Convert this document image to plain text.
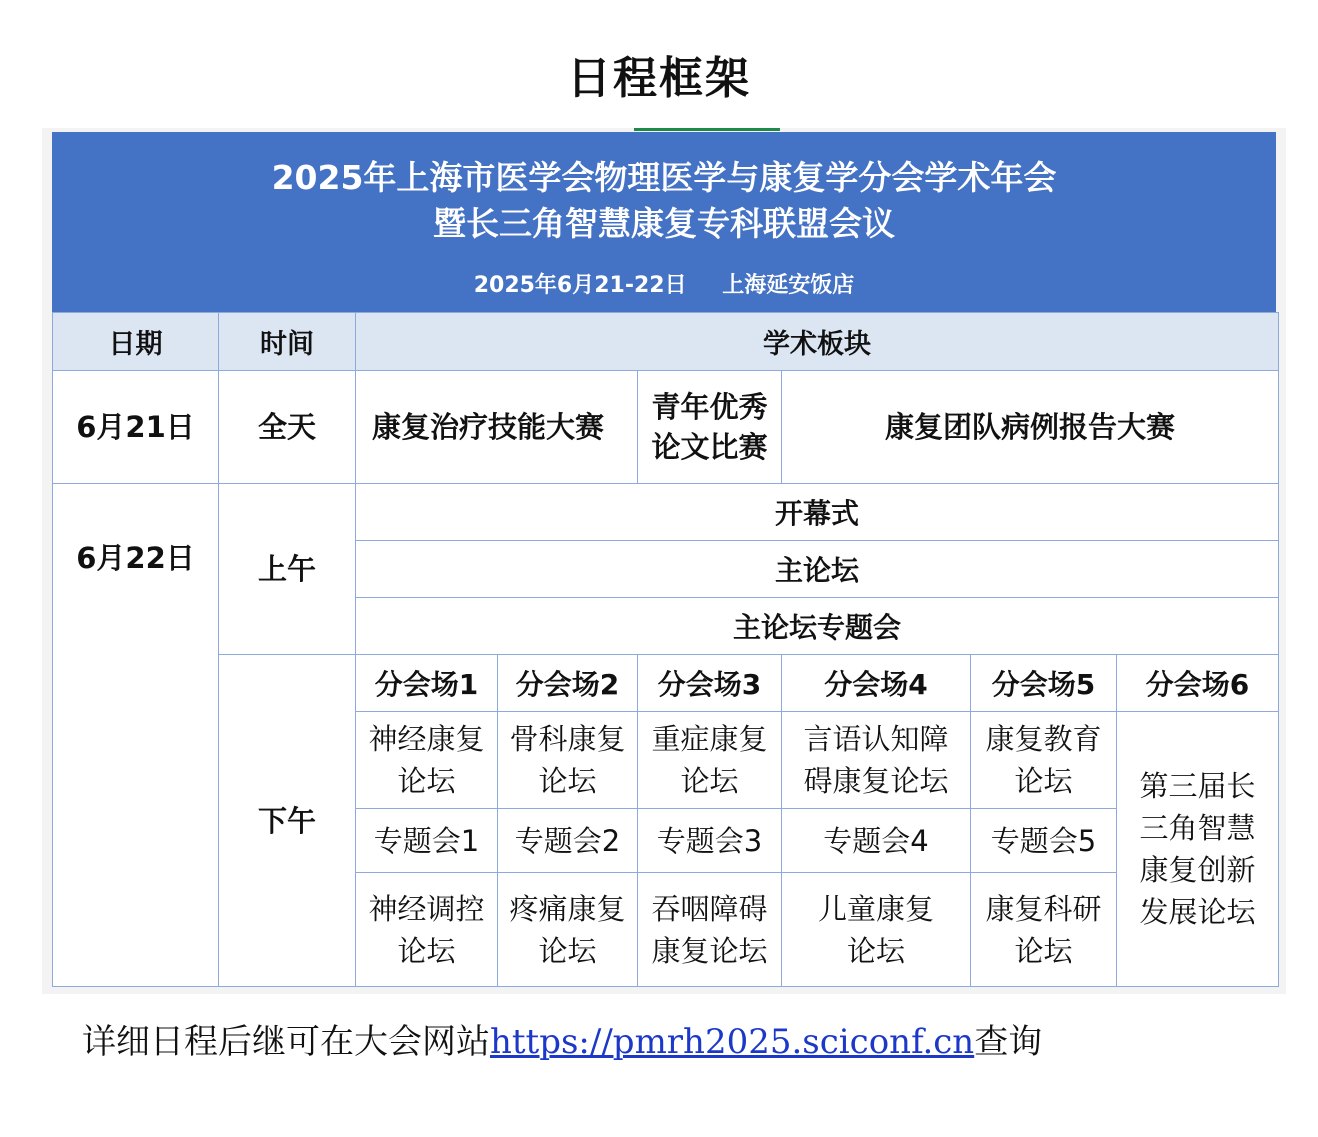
日程框架
2025年上海市医学会物理医学与康复学分会学术年会
暨长三角智慧康复专科联盟会议
2025年6月21-22日 上海延安饭店
日期	时间	学术板块					
6月21日	全天	康复治疗技能大赛		青年优秀论文比赛	康复团队病例报告大赛		
6月22日	上午	开幕式					
		主论坛					
		主论坛专题会					
	下午	分会场1	分会场2	分会场3	分会场4	分会场5	分会场6
		神经康复论坛	骨科康复论坛	重症康复论坛	言语认知障碍康复论坛	康复教育论坛	第三届长三角智慧康复创新发展论坛
		专题会1	专题会2	专题会3	专题会4	专题会5	
		神经调控论坛	疼痛康复论坛	吞咽障碍康复论坛	儿童康复论坛	康复科研论坛	
详细日程后继可在大会网站https://pmrh2025.sciconf.cn查询
